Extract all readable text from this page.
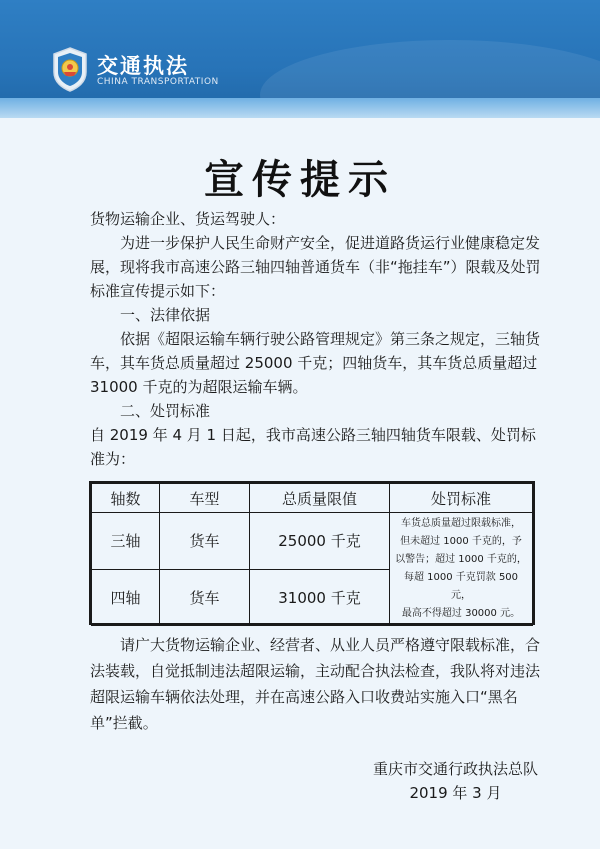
交通执法
CHINA TRANSPORTATION
宣传提示

货物运输企业、货运驾驶人：

为进一步保护人民生命财产安全，促进道路货运行业健康稳定发展，现将我市高速公路三轴四轴普通货车（非“拖挂车”）限载及处罚标准宣传提示如下：

一、法律依据

依据《超限运输车辆行驶公路管理规定》第三条之规定，三轴货车，其车货总质量超过 25000 千克；四轴货车，其车货总质量超过 31000 千克的为超限运输车辆。

二、处罚标准

自 2019 年 4 月 1 日起，我市高速公路三轴四轴货车限载、处罚标准为：

轴数	车型	总质量限值	处罚标准
三轴	货车	25000 千克	车货总质量超过限载标准，
但未超过 1000 千克的，予
以警告；超过 1000 千克的，
每超 1000 千克罚款 500 元，
最高不得超过 30000 元。

四轴	货车	31000 千克	

请广大货物运输企业、经营者、从业人员严格遵守限载标准，合法装载，自觉抵制违法超限运输，主动配合执法检查，我队将对违法超限运输车辆依法处理，并在高速公路入口收费站实施入口“黑名单”拦截。

重庆市交通行政执法总队
2019 年 3 月
